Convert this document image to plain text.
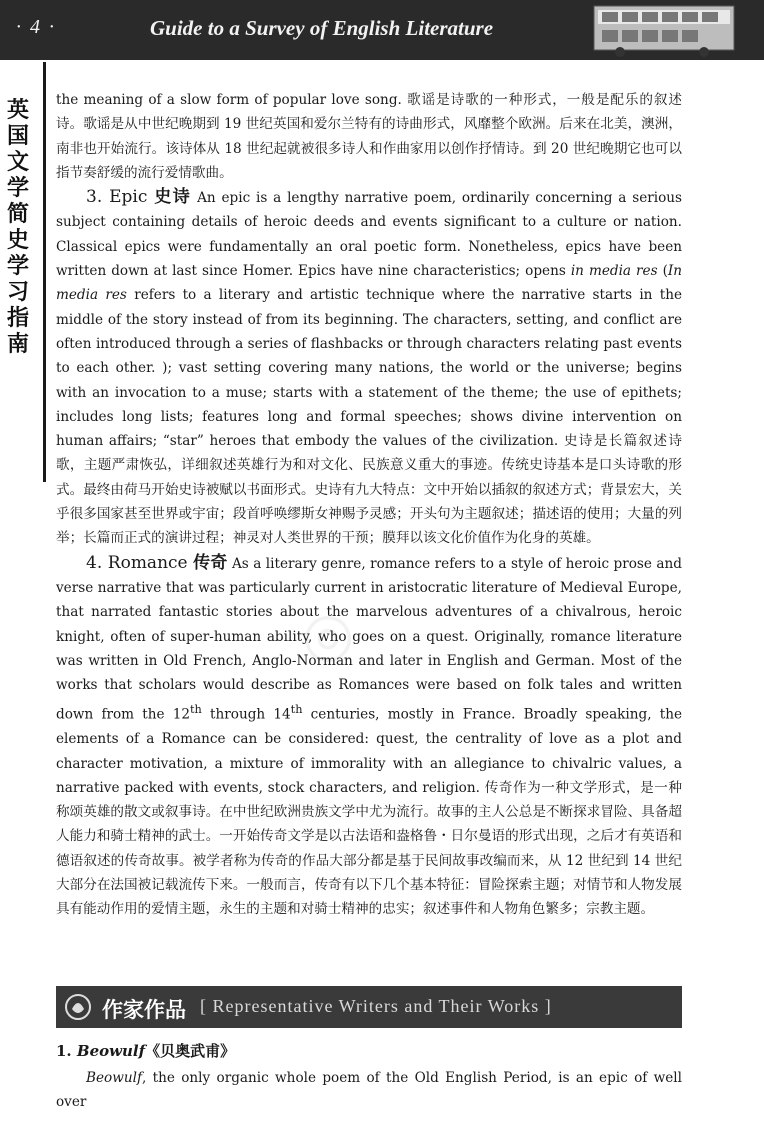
· 4 ·	Guide to a Survey of English Literature
英国文学简史学习指南
◎

the meaning of a slow form of popular love song. 歌谣是诗歌的一种形式，一般是配乐的叙述诗。歌谣是从中世纪晚期到 19 世纪英国和爱尔兰特有的诗曲形式，风靡整个欧洲。后来在北美，澳洲，南非也开始流行。该诗体从 18 世纪起就被很多诗人和作曲家用以创作抒情诗。到 20 世纪晚期它也可以指节奏舒缓的流行爱情歌曲。

3. Epic 史诗 An epic is a lengthy narrative poem, ordinarily concerning a serious subject containing details of heroic deeds and events significant to a culture or nation. Classical epics were fundamentally an oral poetic form. Nonetheless, epics have been written down at last since Homer. Epics have nine characteristics; opens in media res (In media res refers to a literary and artistic technique where the narrative starts in the middle of the story instead of from its beginning. The characters, setting, and conflict are often introduced through a series of flashbacks or through characters relating past events to each other. ); vast setting covering many nations, the world or the universe; begins with an invocation to a muse; starts with a statement of the theme; the use of epithets; includes long lists; features long and formal speeches; shows divine intervention on human affairs; “star” heroes that embody the values of the civilization. 史诗是长篇叙述诗歌，主题严肃恢弘，详细叙述英雄行为和对文化、民族意义重大的事迹。传统史诗基本是口头诗歌的形式。最终由荷马开始史诗被赋以书面形式。史诗有九大特点：文中开始以插叙的叙述方式；背景宏大，关乎很多国家甚至世界或宇宙；段首呼唤缪斯女神赐予灵感；开头句为主题叙述；描述语的使用；大量的列举；长篇而正式的演讲过程；神灵对人类世界的干预；膜拜以该文化价值作为化身的英雄。

4. Romance 传奇 As a literary genre, romance refers to a style of heroic prose and verse narrative that was particularly current in aristocratic literature of Medieval Europe, that narrated fantastic stories about the marvelous adventures of a chivalrous, heroic knight, often of super-human ability, who goes on a quest. Originally, romance literature was written in Old French, Anglo-Norman and later in English and German. Most of the works that scholars would describe as Romances were based on folk tales and written down from the 12th through 14th centuries, mostly in France. Broadly speaking, the elements of a Romance can be considered: quest, the centrality of love as a plot and character motivation, a mixture of immorality with an allegiance to chivalric values, a narrative packed with events, stock characters, and religion. 传奇作为一种文学形式，是一种称颂英雄的散文或叙事诗。在中世纪欧洲贵族文学中尤为流行。故事的主人公总是不断探求冒险、具备超人能力和骑士精神的武士。一开始传奇文学是以古法语和盎格鲁・日尔曼语的形式出现，之后才有英语和德语叙述的传奇故事。被学者称为传奇的作品大部分都是基于民间故事改编而来，从 12 世纪到 14 世纪大部分在法国被记载流传下来。一般而言，传奇有以下几个基本特征：冒险探索主题；对情节和人物发展具有能动作用的爱情主题，永生的主题和对骑士精神的忠实；叙述事件和人物角色繁多；宗教主题。

作家作品 [ Representative Writers and Their Works ]
1. Beowulf《贝奥武甫》
Beowulf, the only organic whole poem of the Old English Period, is an epic of well over
